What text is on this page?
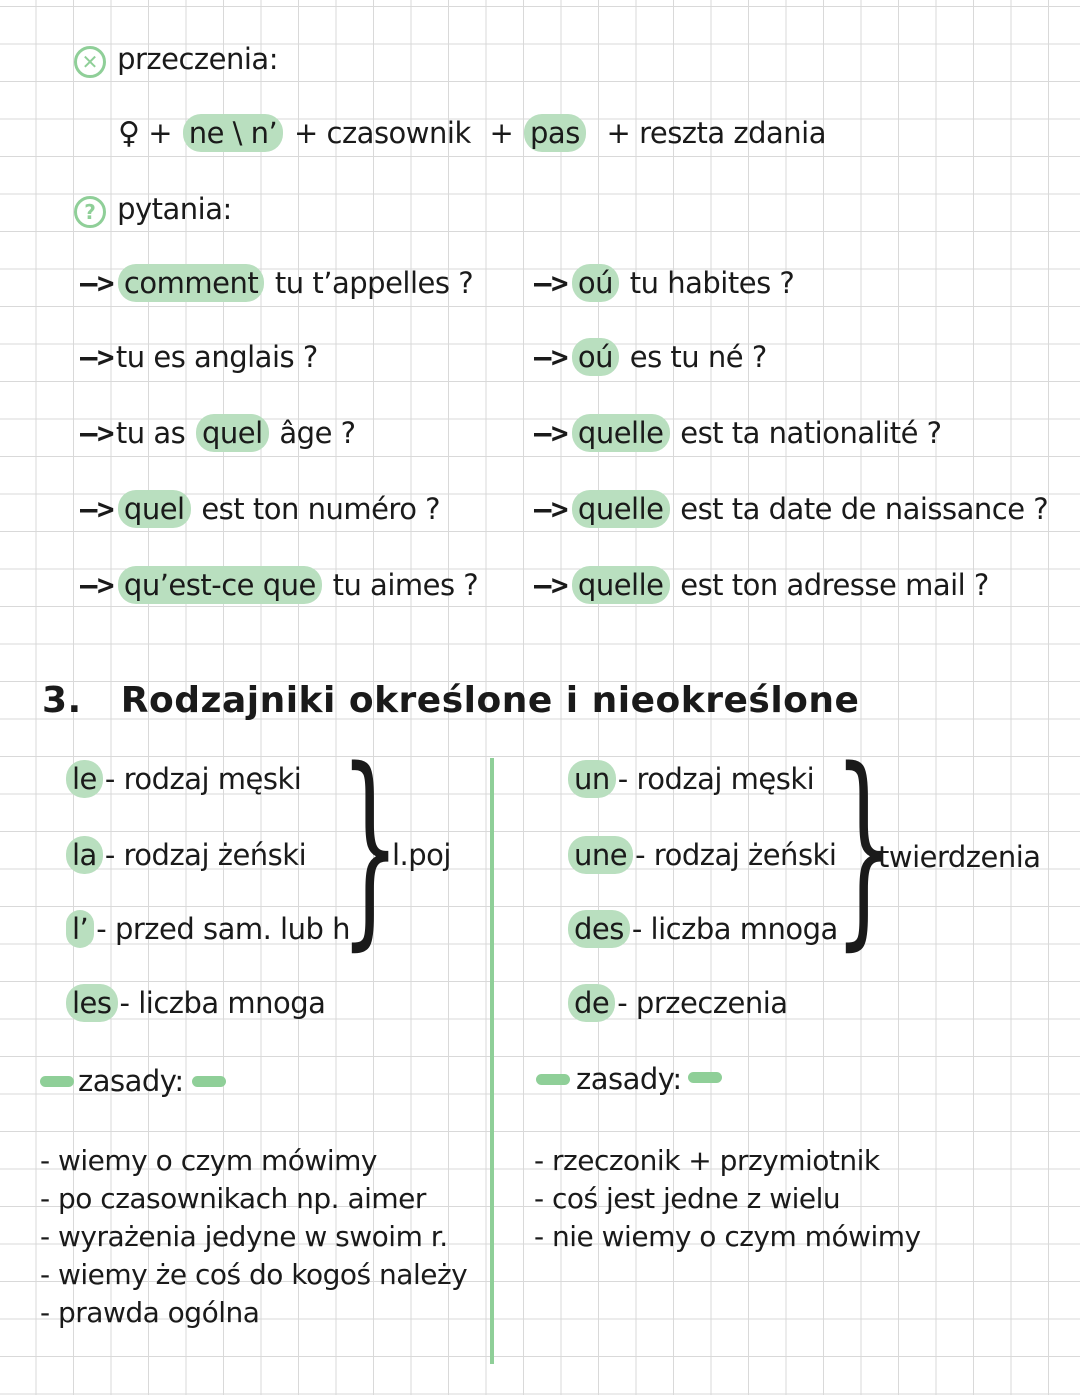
✕ przeczenia:
♀ + ne \ n’ + czasownik + pas + reszta zdania
? pytania:
—> comment tu t’appelles ?
—>tu es anglais ?
—>tu as quel âge ?
—> quel est ton numéro ?
—> qu’est-ce que tu aimes ?
—> oú tu habites ?
—> oú es tu né ?
—> quelle est ta nationalité ?
—> quelle est ta date de naissance ?
—> quelle est ton adresse mail ?
3. Rodzajniki określone i nieokreślone
le - rodzaj męski
la - rodzaj żeński
l’ - przed sam. lub h
les - liczba mnoga
}
l.poj
zasady:
- wiemy o czym mówimy
- po czasownikach np. aimer
- wyrażenia jedyne w swoim r.
- wiemy że coś do kogoś należy
- prawda ogólna
un - rodzaj męski
une - rodzaj żeński
des - liczba mnoga
de - przeczenia
}
twierdzenia
zasady:
- rzeczonik + przymiotnik
- coś jest jedne z wielu
- nie wiemy o czym mówimy
